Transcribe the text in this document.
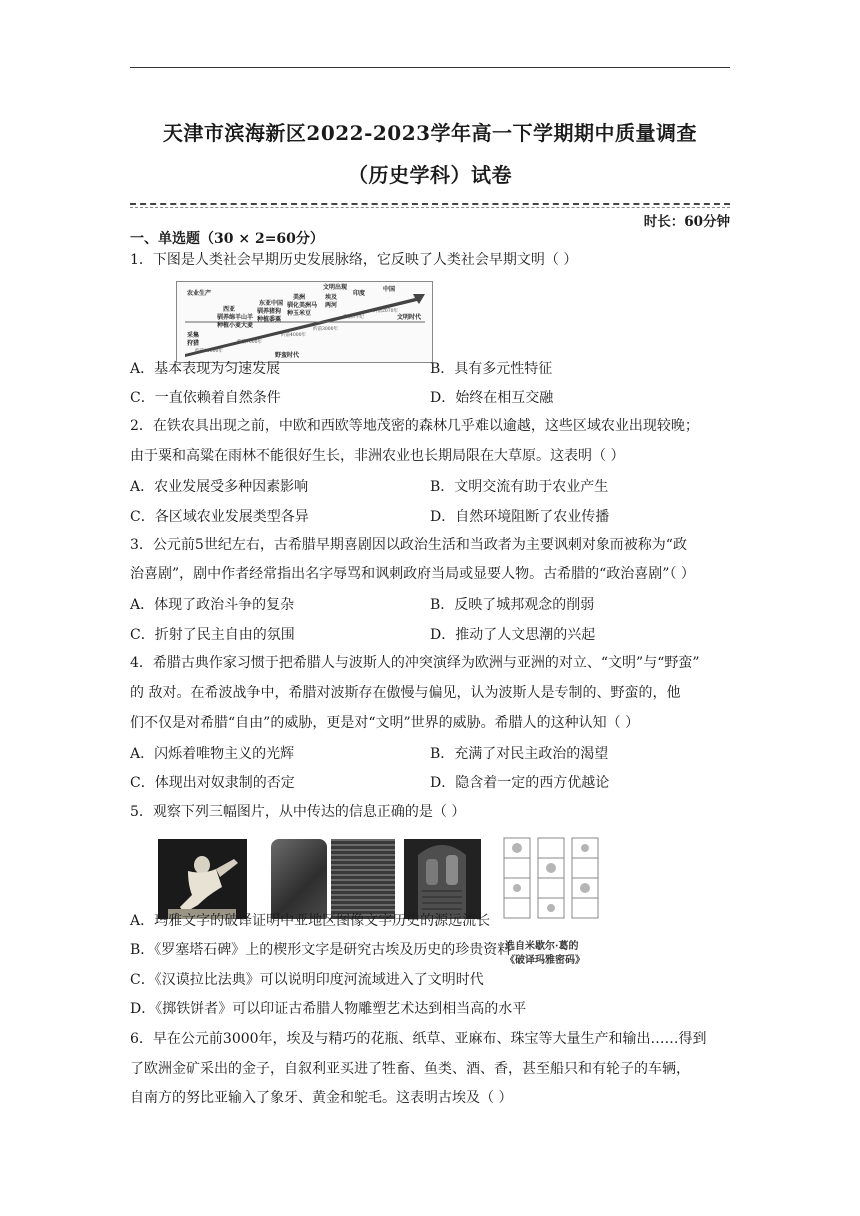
天津市滨海新区2022-2023学年高一下学期期中质量调查
（历史学科）试卷
时长：60分钟
一、单选题（30 × 2=60分）
1．下图是人类社会早期历史发展脉络，它反映了人类社会早期文明（ ）
农业生产
采集
狩猎
西亚
驯养绵羊山羊
种植小麦大麦
东亚中国
驯养猪狗
种植黍粟
美洲
驯化美洲马
种玉米豆
文明出现
埃及
两河
印度
中国
文明时代
约前10000年
约前7000年
约前4000年
约前3000年
约前3千纪
约前2070年
野蛮时代
A．基本表现为匀速发展	B．具有多元性特征
C．一直依赖着自然条件	D．始终在相互交融
2．在铁农具出现之前，中欧和西欧等地茂密的森林几乎难以逾越，这些区域农业出现较晚；
由于粟和高粱在雨林不能很好生长，非洲农业也长期局限在大草原。这表明（ ）
A．农业发展受多种因素影响	B．文明交流有助于农业产生
C．各区域农业发展类型各异	D．自然环境阻断了农业传播
3．公元前5世纪左右，古希腊早期喜剧因以政治生活和当政者为主要讽刺对象而被称为“政
治喜剧”，剧中作者经常指出名字辱骂和讽刺政府当局或显要人物。古希腊的“政治喜剧”（ ）
A．体现了政治斗争的复杂	B．反映了城邦观念的削弱
C．折射了民主自由的氛围	D．推动了人文思潮的兴起
4．希腊古典作家习惯于把希腊人与波斯人的冲突演绎为欧洲与亚洲的对立、“文明”与“野蛮”
的 敌对。在希波战争中，希腊对波斯存在傲慢与偏见，认为波斯人是专制的、野蛮的，他
们不仅是对希腊“自由”的威胁，更是对“文明”世界的威胁。希腊人的这种认知（ ）
A．闪烁着唯物主义的光辉	B．充满了对民主政治的渴望
C．体现出对奴隶制的否定	D．隐含着一定的西方优越论
5．观察下列三幅图片，从中传达的信息正确的是（ ）
选自米歇尔·葛的
《破译玛雅密码》
A．玛雅文字的破译证明中亚地区图像文字历史的源远流长
B．《罗塞塔石碑》上的楔形文字是研究古埃及历史的珍贵资料
C．《汉谟拉比法典》可以说明印度河流域进入了文明时代
D．《掷铁饼者》可以印证古希腊人物雕塑艺术达到相当高的水平
6．早在公元前3000年，埃及与精巧的花瓶、纸草、亚麻布、珠宝等大量生产和输出……得到
了欧洲金矿采出的金子，自叙利亚买进了牲畜、鱼类、酒、香，甚至船只和有轮子的车辆，
自南方的努比亚输入了象牙、黄金和鸵毛。这表明古埃及（ ）
